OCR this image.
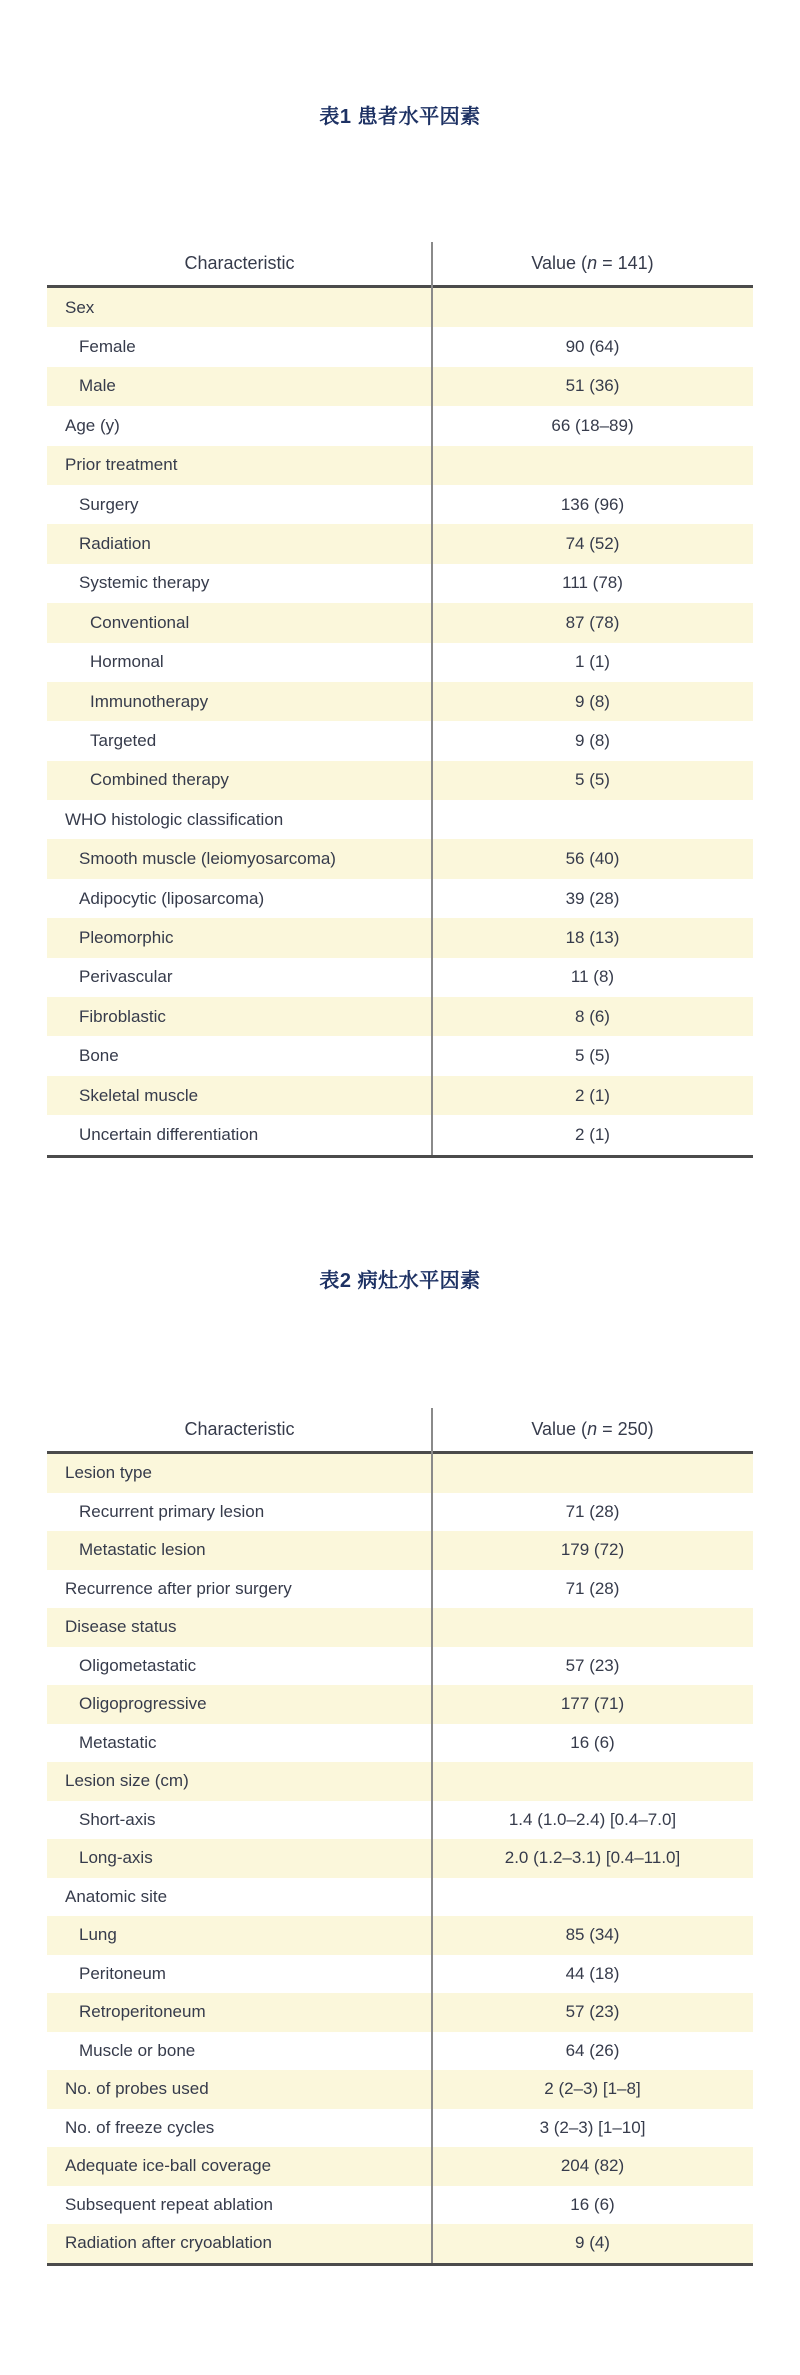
表1 患者水平因素
Characteristic	Value (n = 141)
Sex
Female	90 (64)
Male	51 (36)
Age (y)	66 (18–89)
Prior treatment
Surgery	136 (96)
Radiation	74 (52)
Systemic therapy	111 (78)
Conventional	87 (78)
Hormonal	1 (1)
Immunotherapy	9 (8)
Targeted	9 (8)
Combined therapy	5 (5)
WHO histologic classification
Smooth muscle (leiomyosarcoma)	56 (40)
Adipocytic (liposarcoma)	39 (28)
Pleomorphic	18 (13)
Perivascular	11 (8)
Fibroblastic	8 (6)
Bone	5 (5)
Skeletal muscle	2 (1)
Uncertain differentiation	2 (1)
表2 病灶水平因素
Characteristic	Value (n = 250)
Lesion type
Recurrent primary lesion	71 (28)
Metastatic lesion	179 (72)
Recurrence after prior surgery	71 (28)
Disease status
Oligometastatic	57 (23)
Oligoprogressive	177 (71)
Metastatic	16 (6)
Lesion size (cm)
Short-axis	1.4 (1.0–2.4) [0.4–7.0]
Long-axis	2.0 (1.2–3.1) [0.4–11.0]
Anatomic site
Lung	85 (34)
Peritoneum	44 (18)
Retroperitoneum	57 (23)
Muscle or bone	64 (26)
No. of probes used	2 (2–3) [1–8]
No. of freeze cycles	3 (2–3) [1–10]
Adequate ice-ball coverage	204 (82)
Subsequent repeat ablation	16 (6)
Radiation after cryoablation	9 (4)
